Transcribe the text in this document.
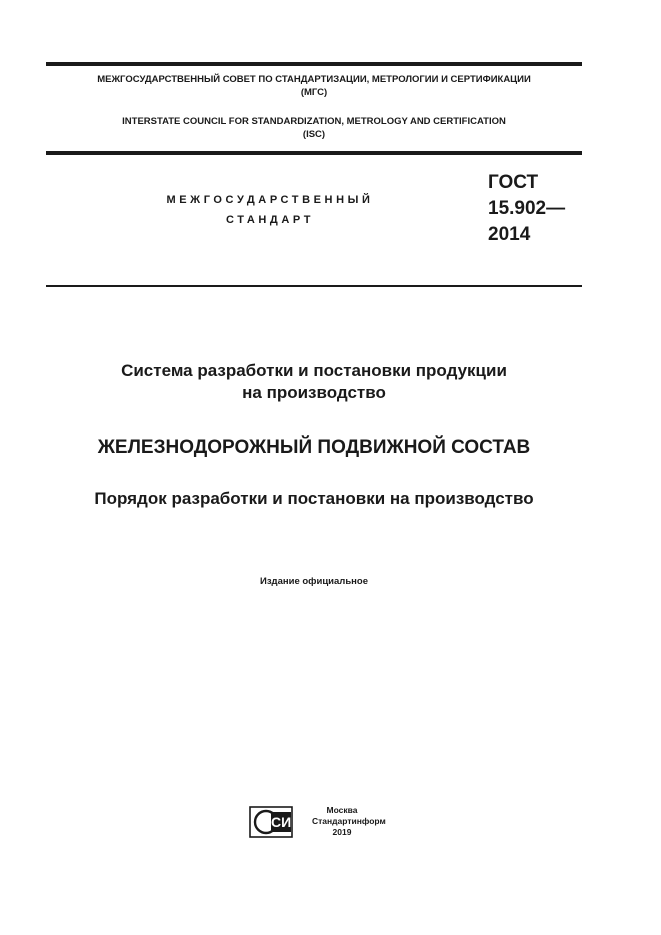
МЕЖГОСУДАРСТВЕННЫЙ СОВЕТ ПО СТАНДАРТИЗАЦИИ, МЕТРОЛОГИИ И СЕРТИФИКАЦИИ
(МГС)
INTERSTATE COUNCIL FOR STANDARDIZATION, METROLOGY AND CERTIFICATION
(ISC)
МЕЖГОСУДАРСТВЕННЫЙ
СТАНДАРТ
ГОСТ
15.902—
2014
Система разработки и постановки продукции
на производство
ЖЕЛЕЗНОДОРОЖНЫЙ ПОДВИЖНОЙ СОСТАВ
Порядок разработки и постановки на производство
Издание официальное
СИ
Москва
Стандартинформ
2019
